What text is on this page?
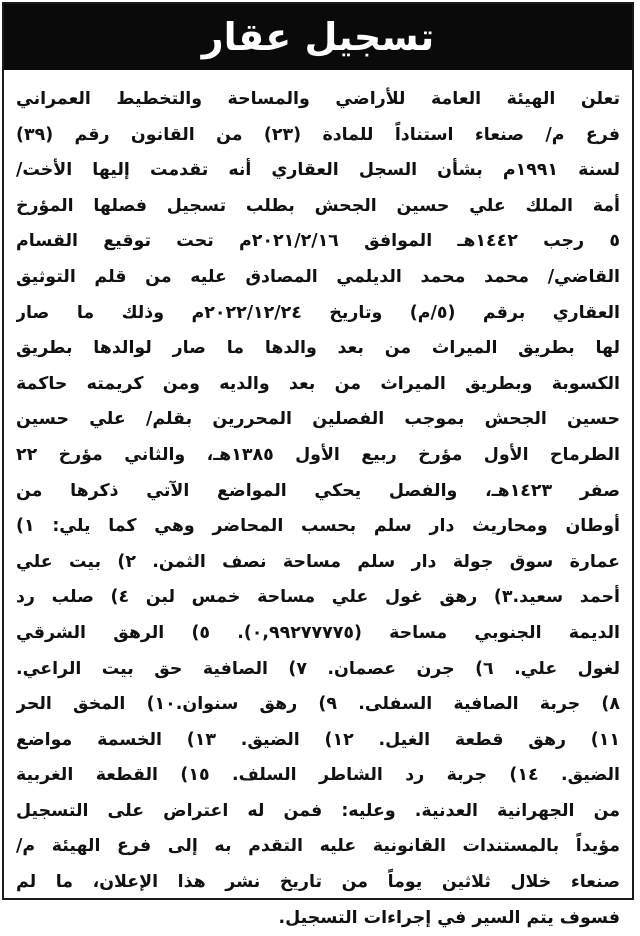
تسجيل عقار
تعلن الهيئة العامة للأراضي والمساحة والتخطيط العمراني
فرع م/ صنعاء استناداً للمادة (٢٣) من القانون رقم (٣٩)
لسنة ١٩٩١م بشأن السجل العقاري أنه تقدمت إليها الأخت/
أمة الملك علي حسين الجحش بطلب تسجيل فصلها المؤرخ
٥ رجب ١٤٤٢هـ الموافق ٢٠٢١/٢/١٦م تحت توقيع القسام
القاضي/ محمد محمد الديلمي المصادق عليه من قلم التوثيق
العقاري برقم (٥/م) وتاريخ ٢٠٢٢/١٢/٢٤م وذلك ما صار
لها بطريق الميراث من بعد والدها ما صار لوالدها بطريق
الكسوبة وبطريق الميراث من بعد والديه ومن كريمته حاكمة
حسين الجحش بموجب الفصلين المحررين بقلم/ علي حسين
الطرماح الأول مؤرخ ربيع الأول ١٣٨٥هـ، والثاني مؤرخ ٢٢
صفر ١٤٢٣هـ، والفصل يحكي المواضع الآتي ذكرها من
أوطان ومحاريث دار سلم بحسب المحاضر وهي كما يلي: ١)
عمارة سوق جولة دار سلم مساحة نصف الثمن. ٢) بيت علي
أحمد سعيد.٣) رهق غول علي مساحة خمس لبن ٤) صلب رد
الديمة الجنوبي مساحة (٠,٩٩٢٧٧٧٧٥). ٥) الرهق الشرقي
لغول علي. ٦) جرن عصمان. ٧) الصافية حق بيت الراعي.
٨) جربة الصافية السفلى. ٩) رهق سنوان.١٠) المخق الحر
١١) رهق قطعة الغيل. ١٢) الضيق. ١٣) الخسمة مواضع
الضيق. ١٤) جربة رد الشاطر السلف. ١٥) القطعة الغربية
من الجهرانية العدنية. وعليه: فمن له اعتراض على التسجيل
مؤيداً بالمستندات القانونية عليه التقدم به إلى فرع الهيئة م/
صنعاء خلال ثلاثين يوماً من تاريخ نشر هذا الإعلان، ما لم
فسوف يتم السير في إجراءات التسجيل.
